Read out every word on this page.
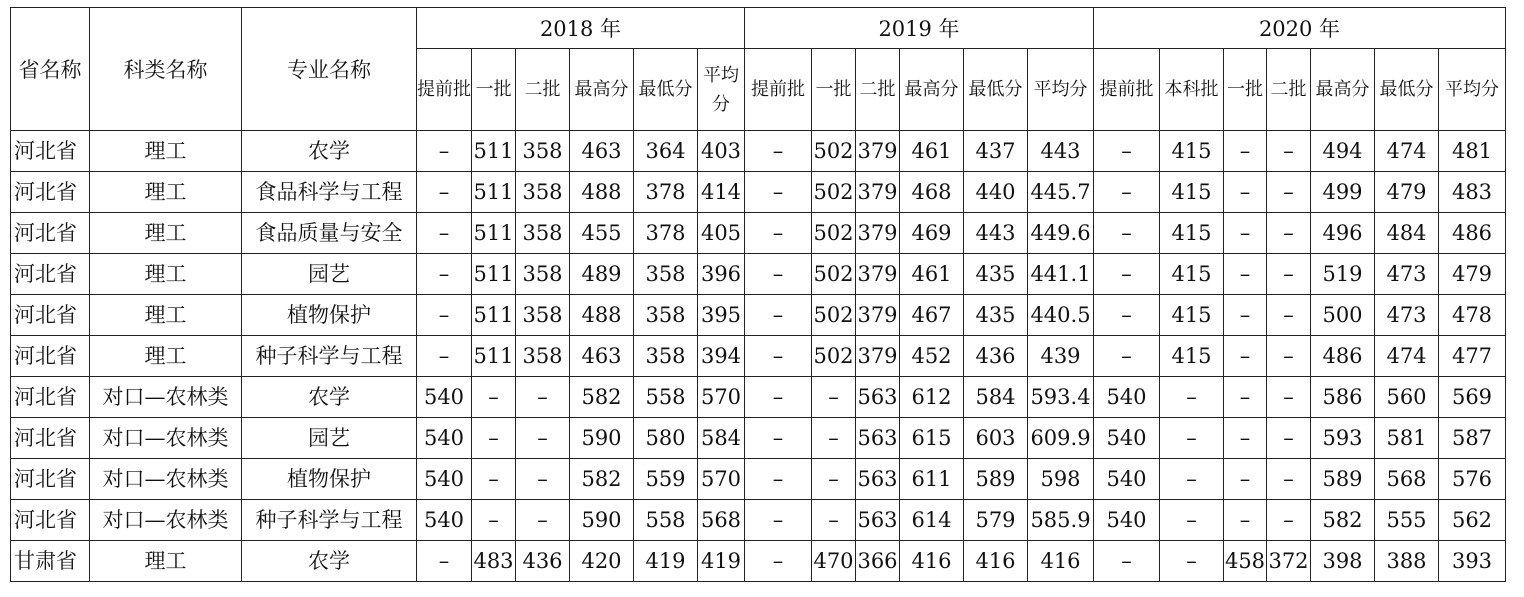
省名称	科类名称	专业名称	2018 年						2019 年						2020 年						
			提前批	一批	二批	最高分	最低分	平均分	提前批	一批	二批	最高分	最低分	平均分	提前批	本科批	一批	二批	最高分	最低分	平均分
河北省	理工	农学	–	511	358	463	364	403	–	502	379	461	437	443	–	415	–	–	494	474	481
河北省	理工	食品科学与工程	–	511	358	488	378	414	–	502	379	468	440	445.7	–	415	–	–	499	479	483
河北省	理工	食品质量与安全	–	511	358	455	378	405	–	502	379	469	443	449.6	–	415	–	–	496	484	486
河北省	理工	园艺	–	511	358	489	358	396	–	502	379	461	435	441.1	–	415	–	–	519	473	479
河北省	理工	植物保护	–	511	358	488	358	395	–	502	379	467	435	440.5	–	415	–	–	500	473	478
河北省	理工	种子科学与工程	–	511	358	463	358	394	–	502	379	452	436	439	–	415	–	–	486	474	477
河北省	对口—农林类	农学	540	–	–	582	558	570	–	–	563	612	584	593.4	540	–	–	–	586	560	569
河北省	对口—农林类	园艺	540	–	–	590	580	584	–	–	563	615	603	609.9	540	–	–	–	593	581	587
河北省	对口—农林类	植物保护	540	–	–	582	559	570	–	–	563	611	589	598	540	–	–	–	589	568	576
河北省	对口—农林类	种子科学与工程	540	–	–	590	558	568	–	–	563	614	579	585.9	540	–	–	–	582	555	562
甘肃省	理工	农学	–	483	436	420	419	419	–	470	366	416	416	416	–	–	458	372	398	388	393
